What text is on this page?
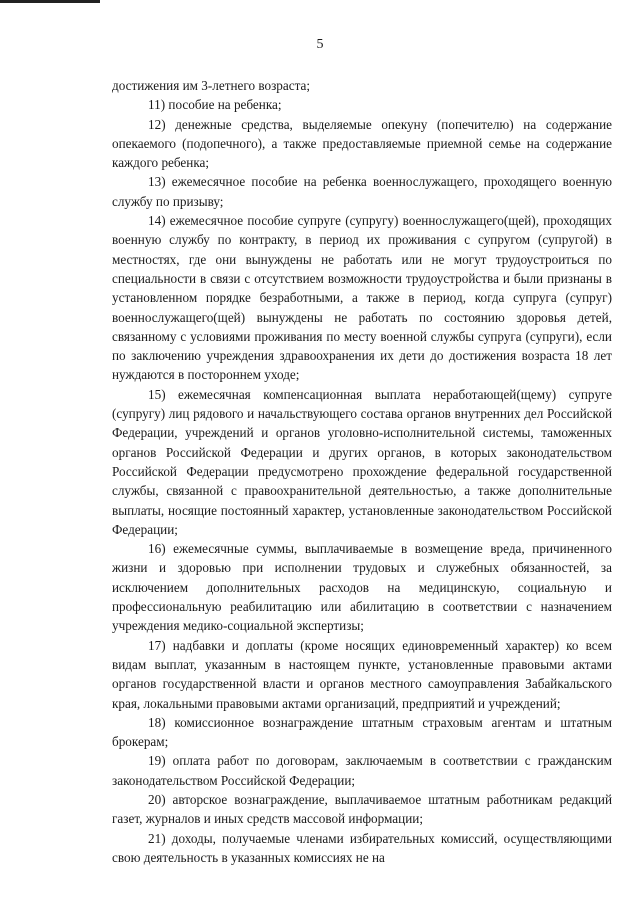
5

достижения им 3-летнего возраста;

11) пособие на ребенка;

12) денежные средства, выделяемые опекуну (попечителю) на содержание опекаемого (подопечного), а также предоставляемые приемной семье на содержание каждого ребенка;

13) ежемесячное пособие на ребенка военнослужащего, проходящего военную службу по призыву;

14) ежемесячное пособие супруге (супругу) военнослужащего(щей), проходящих военную службу по контракту, в период их проживания с супругом (супругой) в местностях, где они вынуждены не работать или не могут трудоустроиться по специальности в связи с отсутствием возможности трудоустройства и были признаны в установленном порядке безработными, а также в период, когда супруга (супруг) военнослужащего(щей) вынуждены не работать по состоянию здоровья детей, связанному с условиями проживания по месту военной службы супруга (супруги), если по заключению учреждения здравоохранения их дети до достижения возраста 18 лет нуждаются в постороннем уходе;

15) ежемесячная компенсационная выплата неработающей(щему) супруге (супругу) лиц рядового и начальствующего состава органов внутренних дел Российской Федерации, учреждений и органов уголовно-исполнительной системы, таможенных органов Российской Федерации и других органов, в которых законодательством Российской Федерации предусмотрено прохождение федеральной государственной службы, связанной с правоохранительной деятельностью, а также дополнительные выплаты, носящие постоянный характер, установленные законодательством Российской Федерации;

16) ежемесячные суммы, выплачиваемые в возмещение вреда, причиненного жизни и здоровью при исполнении трудовых и служебных обязанностей, за исключением дополнительных расходов на медицинскую, социальную и профессиональную реабилитацию или абилитацию в соответствии с назначением учреждения медико-социальной экспертизы;

17) надбавки и доплаты (кроме носящих единовременный характер) ко всем видам выплат, указанным в настоящем пункте, установленные правовыми актами органов государственной власти и органов местного самоуправления Забайкальского края, локальными правовыми актами организаций, предприятий и учреждений;

18) комиссионное вознаграждение штатным страховым агентам и штатным брокерам;

19) оплата работ по договорам, заключаемым в соответствии с гражданским законодательством Российской Федерации;

20) авторское вознаграждение, выплачиваемое штатным работникам редакций газет, журналов и иных средств массовой информации;

21) доходы, получаемые членами избирательных комиссий, осуществляющими свою деятельность в указанных комиссиях не на
